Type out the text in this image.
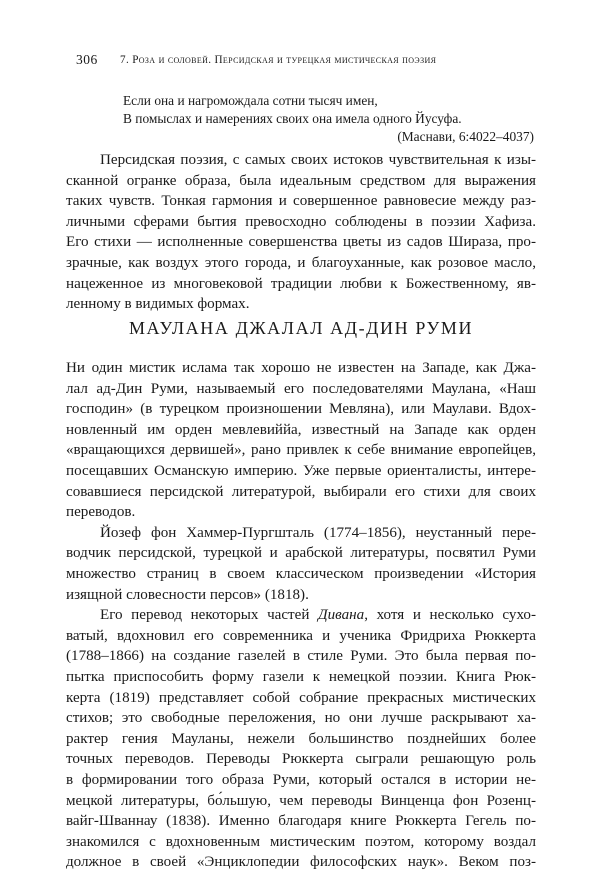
306 7. Роза и соловей. Персидская и турецкая мистическая поэзия

Если она и нагромождала сотни тысяч имен,

В помыслах и намерениях своих она имела одного Йусуфа.

(Маснави, 6:4022–4037)

Персидская поэзия, с самых своих истоков чувствительная к изы-
сканной огранке образа, была идеальным средством для выражения
таких чувств. Тонкая гармония и совершенное равновесие между раз-
личными сферами бытия превосходно соблюдены в поэзии Хафиза.
Его стихи — исполненные совершенства цветы из садов Шираза, про-
зрачные, как воздух этого города, и благоуханные, как розовое масло,
нацеженное из многовековой традиции любви к Божественному, яв-
ленному в видимых формах.
МАУЛАНА ДЖАЛАЛ АД-ДИН РУМИ
Ни один мистик ислама так хорошо не известен на Западе, как Джа-
лал ад-Дин Руми, называемый его последователями Маулана, «Наш
господин» (в турецком произношении Мевляна), или Маулави. Вдох-
новленный им орден мевлевиййа, известный на Западе как орден
«вращающихся дервишей», рано привлек к себе внимание европейцев,
посещавших Османскую империю. Уже первые ориенталисты, интере-
совавшиеся персидской литературой, выбирали его стихи для своих
переводов.
Йозеф фон Хаммер-Пургшталь (1774–1856), неустанный пере-
водчик персидской, турецкой и арабской литературы, посвятил Руми
множество страниц в своем классическом произведении «История
изящной словесности персов» (1818).
Его перевод некоторых частей Дивана, хотя и несколько сухо-
ватый, вдохновил его современника и ученика Фридриха Рюккерта
(1788–1866) на создание газелей в стиле Руми. Это была первая по-
пытка приспособить форму газели к немецкой поэзии. Книга Рюк-
керта (1819) представляет собой собрание прекрасных мистических
стихов; это свободные переложения, но они лучше раскрывают ха-
рактер гения Мауланы, нежели большинство позднейших более
точных переводов. Переводы Рюккерта сыграли решающую роль
в формировании того образа Руми, который остался в истории не-
мецкой литературы, бо́льшую, чем переводы Винценца фон Розенц-
вайг-Шваннау (1838). Именно благодаря книге Рюккерта Гегель по-
знакомился с вдохновенным мистическим поэтом, которому воздал
должное в своей «Энциклопедии философских наук». Веком поз-
